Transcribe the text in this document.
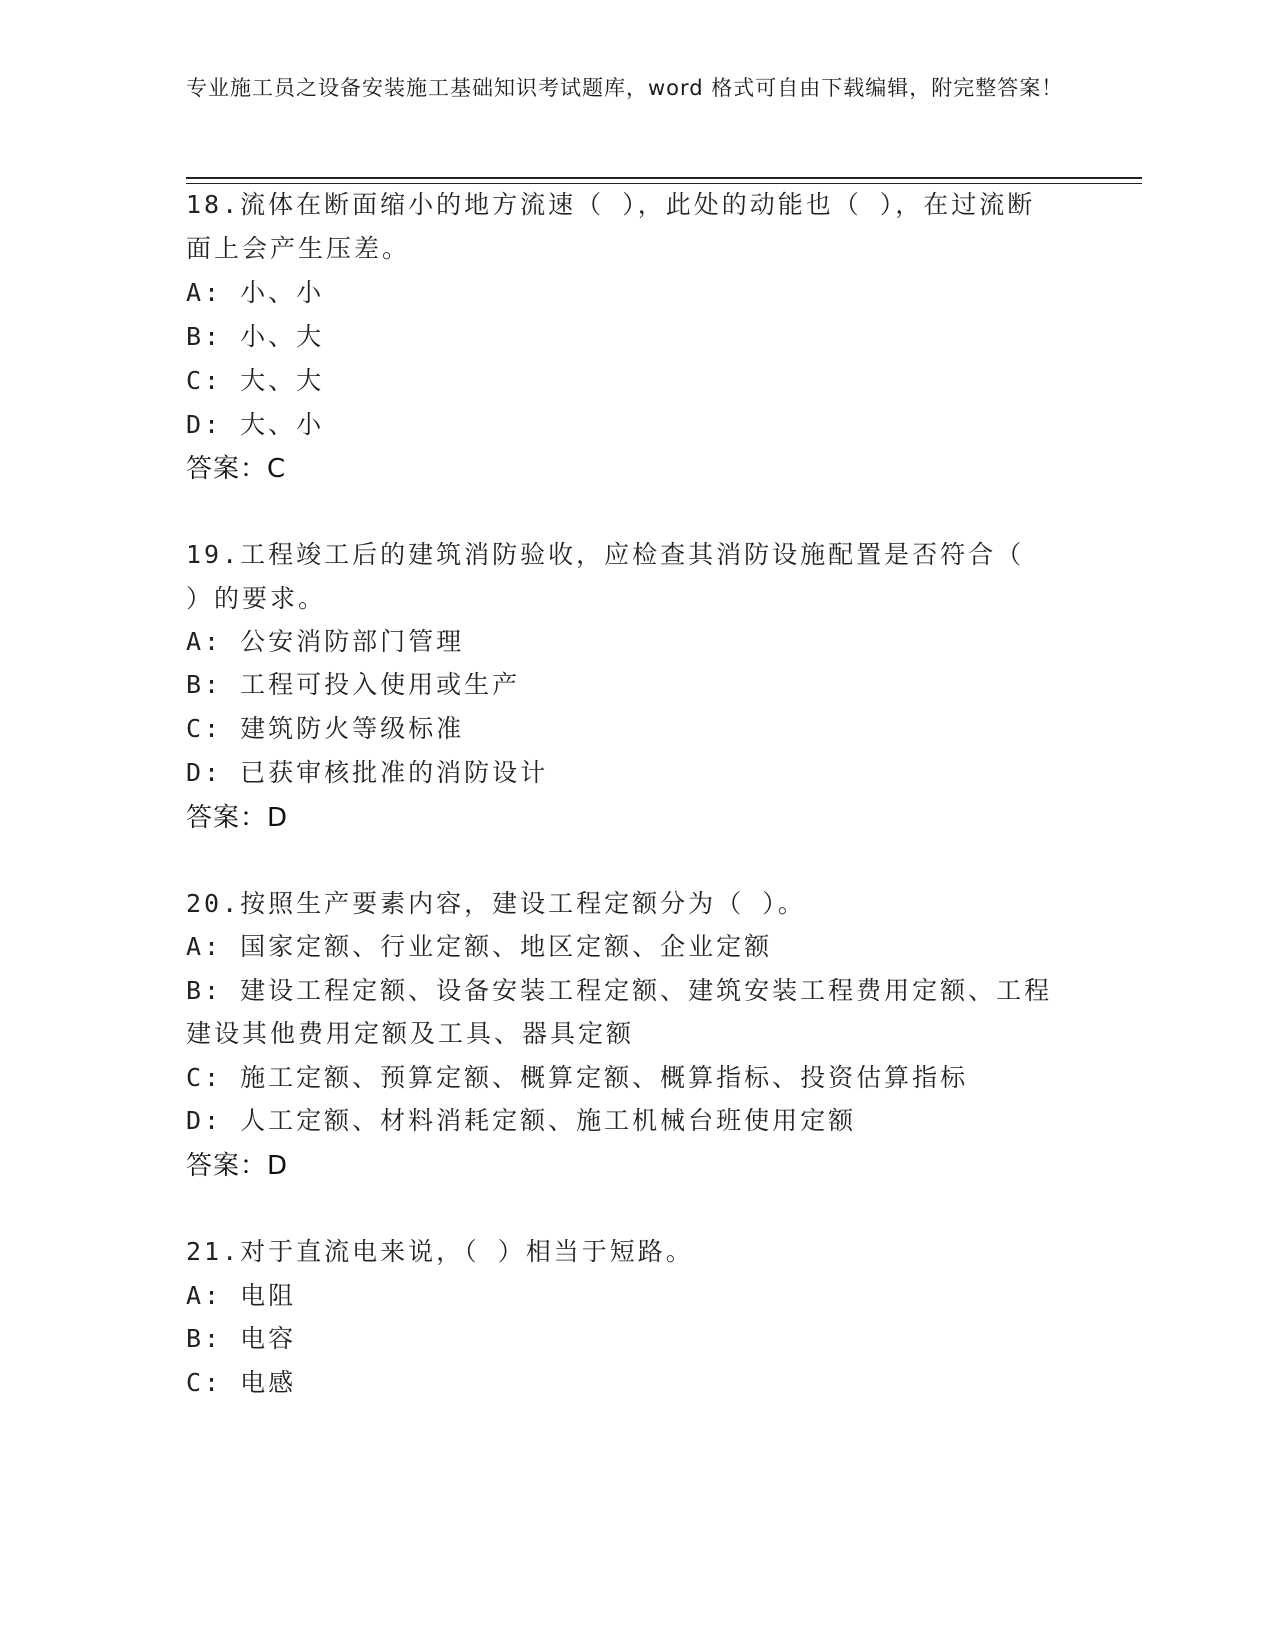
专业施工员之设备安装施工基础知识考试题库，word 格式可自由下载编辑，附完整答案！
18.流体在断面缩小的地方流速（ ），此处的动能也（ ），在过流断
面上会产生压差。
A: 小、小
B: 小、大
C: 大、大
D: 大、小
答案：C
19.工程竣工后的建筑消防验收，应检查其消防设施配置是否符合（
）的要求。
A: 公安消防部门管理
B: 工程可投入使用或生产
C: 建筑防火等级标准
D: 已获审核批准的消防设计
答案：D
20.按照生产要素内容，建设工程定额分为（ ）。
A: 国家定额、行业定额、地区定额、企业定额
B: 建设工程定额、设备安装工程定额、建筑安装工程费用定额、工程
建设其他费用定额及工具、器具定额
C: 施工定额、预算定额、概算定额、概算指标、投资估算指标
D: 人工定额、材料消耗定额、施工机械台班使用定额
答案：D
21.对于直流电来说，（ ）相当于短路。
A: 电阻
B: 电容
C: 电感
